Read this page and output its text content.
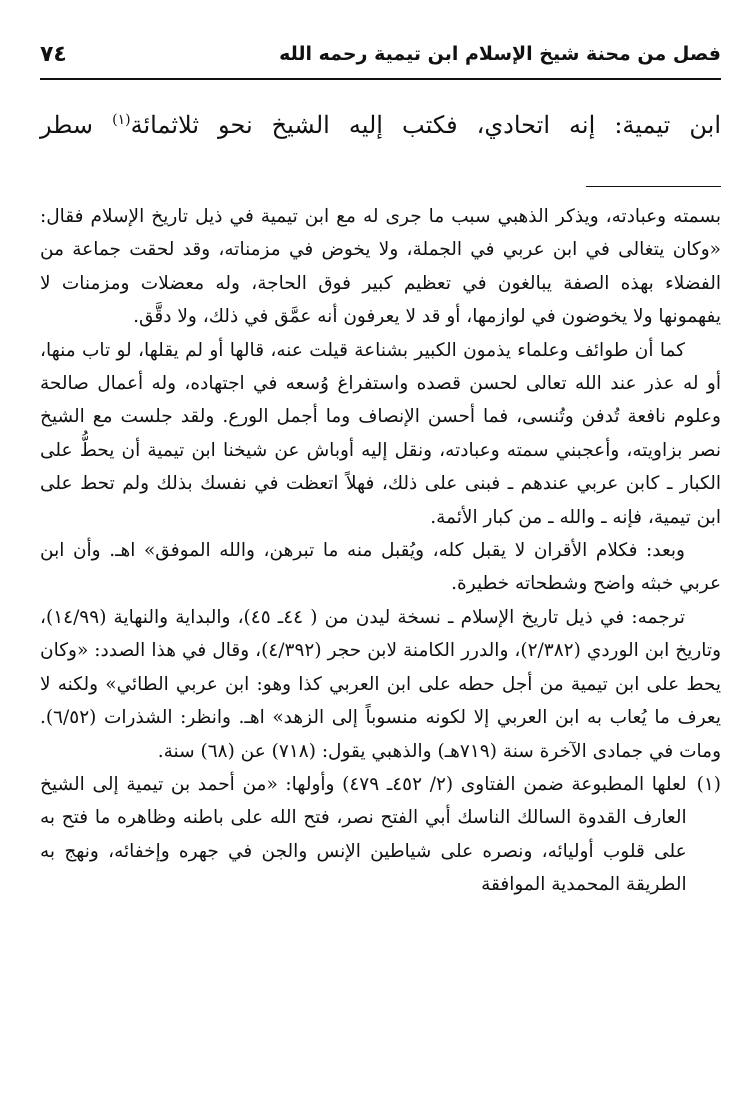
فصل من محنة شيخ الإسلام ابن تيمية رحمه الله
٧٤

ابن تيمية: إنه اتحادي، فكتب إليه الشيخ نحو ثلاثمائة$^{(١)}$ سطر

بسمته وعبادته، ويذكر الذهبي سبب ما جرى له مع ابن تيمية في ذيل تاريخ الإسلام فقال: «وكان يتغالى في ابن عربي في الجملة، ولا يخوض في مزمناته، وقد لحقت جماعة من الفضلاء بهذه الصفة يبالغون في تعظيم كبير فوق الحاجة، وله معضلات ومزمنات لا يفهمونها ولا يخوضون في لوازمها، أو قد لا يعرفون أنه عمَّق في ذلك، ولا دقَّق.

كما أن طوائف وعلماء يذمون الكبير بشناعة قيلت عنه، قالها أو لم يقلها، لو تاب منها، أو له عذر عند الله تعالى لحسن قصده واستفراغ وُسعه في اجتهاده، وله أعمال صالحة وعلوم نافعة تُدفن وتُنسى، فما أحسن الإنصاف وما أجمل الورع. ولقد جلست مع الشيخ نصر بزاويته، وأعجبني سمته وعبادته، ونقل إليه أوباش عن شيخنا ابن تيمية أن يحطُّ على الكبار ـ كابن عربي عندهم ـ فبنى على ذلك، فهلاً اتعظت في نفسك بذلك ولم تحط على ابن تيمية، فإنه ـ والله ـ من كبار الأئمة.

وبعد: فكلام الأقران لا يقبل كله، ويُقبل منه ما تبرهن، والله الموفق» اهـ. وأن ابن عربي خبثه واضح وشطحاته خطيرة.

ترجمه: في ذيل تاريخ الإسلام ـ نسخة ليدن من ( ٤٤ـ ٤٥)، والبداية والنهاية (١٤/٩٩)، وتاريخ ابن الوردي (٢/٣٨٢)، والدرر الكامنة لابن حجر (٤/٣٩٢)، وقال في هذا الصدد: «وكان يحط على ابن تيمية من أجل حطه على ابن العربي كذا وهو: ابن عربي الطائي» ولكنه لا يعرف ما يُعاب به ابن العربي إلا لكونه منسوباً إلى الزهد» اهـ. وانظر: الشذرات (٦/٥٢). ومات في جمادى الآخرة سنة (٧١٩هـ) والذهبي يقول: (٧١٨) عن (٦٨) سنة.

(١)
لعلها المطبوعة ضمن الفتاوى (٢/ ٤٥٢ـ ٤٧٩) وأولها: «من أحمد بن تيمية إلى الشيخ العارف القدوة السالك الناسك أبي الفتح نصر، فتح الله على باطنه وظاهره ما فتح به على قلوب أوليائه، ونصره على شياطين الإنس والجن في جهره وإخفائه، ونهج به الطريقة المحمدية الموافقة
